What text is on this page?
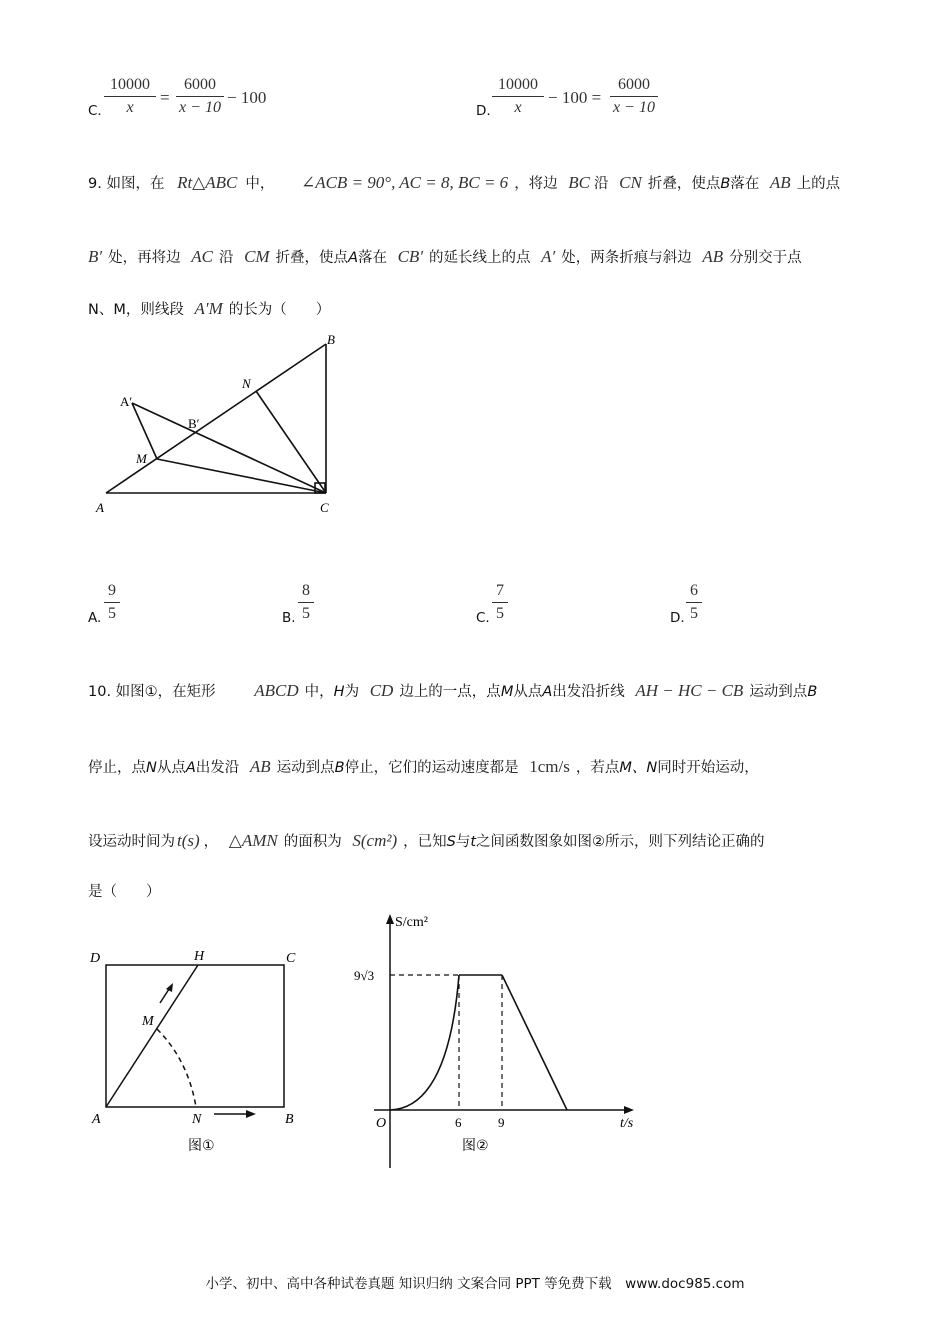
C.
10000
x
=
6000
x − 10
− 100
D.
10000
x
− 100 =
6000
x − 10
9. 如图，在 Rt△ABC 中， ∠ACB = 90°, AC = 8, BC = 6 ，将边 BC 沿 CN 折叠，使点B落在 AB 上的点
B′ 处，再将边 AC 沿 CM 折叠，使点A落在 CB′ 的延长线上的点 A′ 处，两条折痕与斜边 AB 分别交于点
N、M，则线段 A′M 的长为（　　）
B
N
A′
B′
M
A	C
A.
9
5	B.
8
5	C.
7
5	D.
6
5
10. 如图①，在矩形 ABCD 中，H为 CD 边上的一点，点M从点A出发沿折线 AH − HC − CB 运动到点B
停止，点N从点A出发沿 AB 运动到点B停止，它们的运动速度都是 1cm/s ，若点M、N同时开始运动，
设运动时间为 t(s) ， △AMN 的面积为 S(cm²) ，已知S与t之间函数图象如图②所示，则下列结论正确的
是（　　）
D	H	C
M
A	N	B
图①
S/cm²
9√3
O	6	9	t/s
图②
小学、初中、高中各种试卷真题 知识归纳 文案合同 PPT 等免费下载　www.doc985.com
